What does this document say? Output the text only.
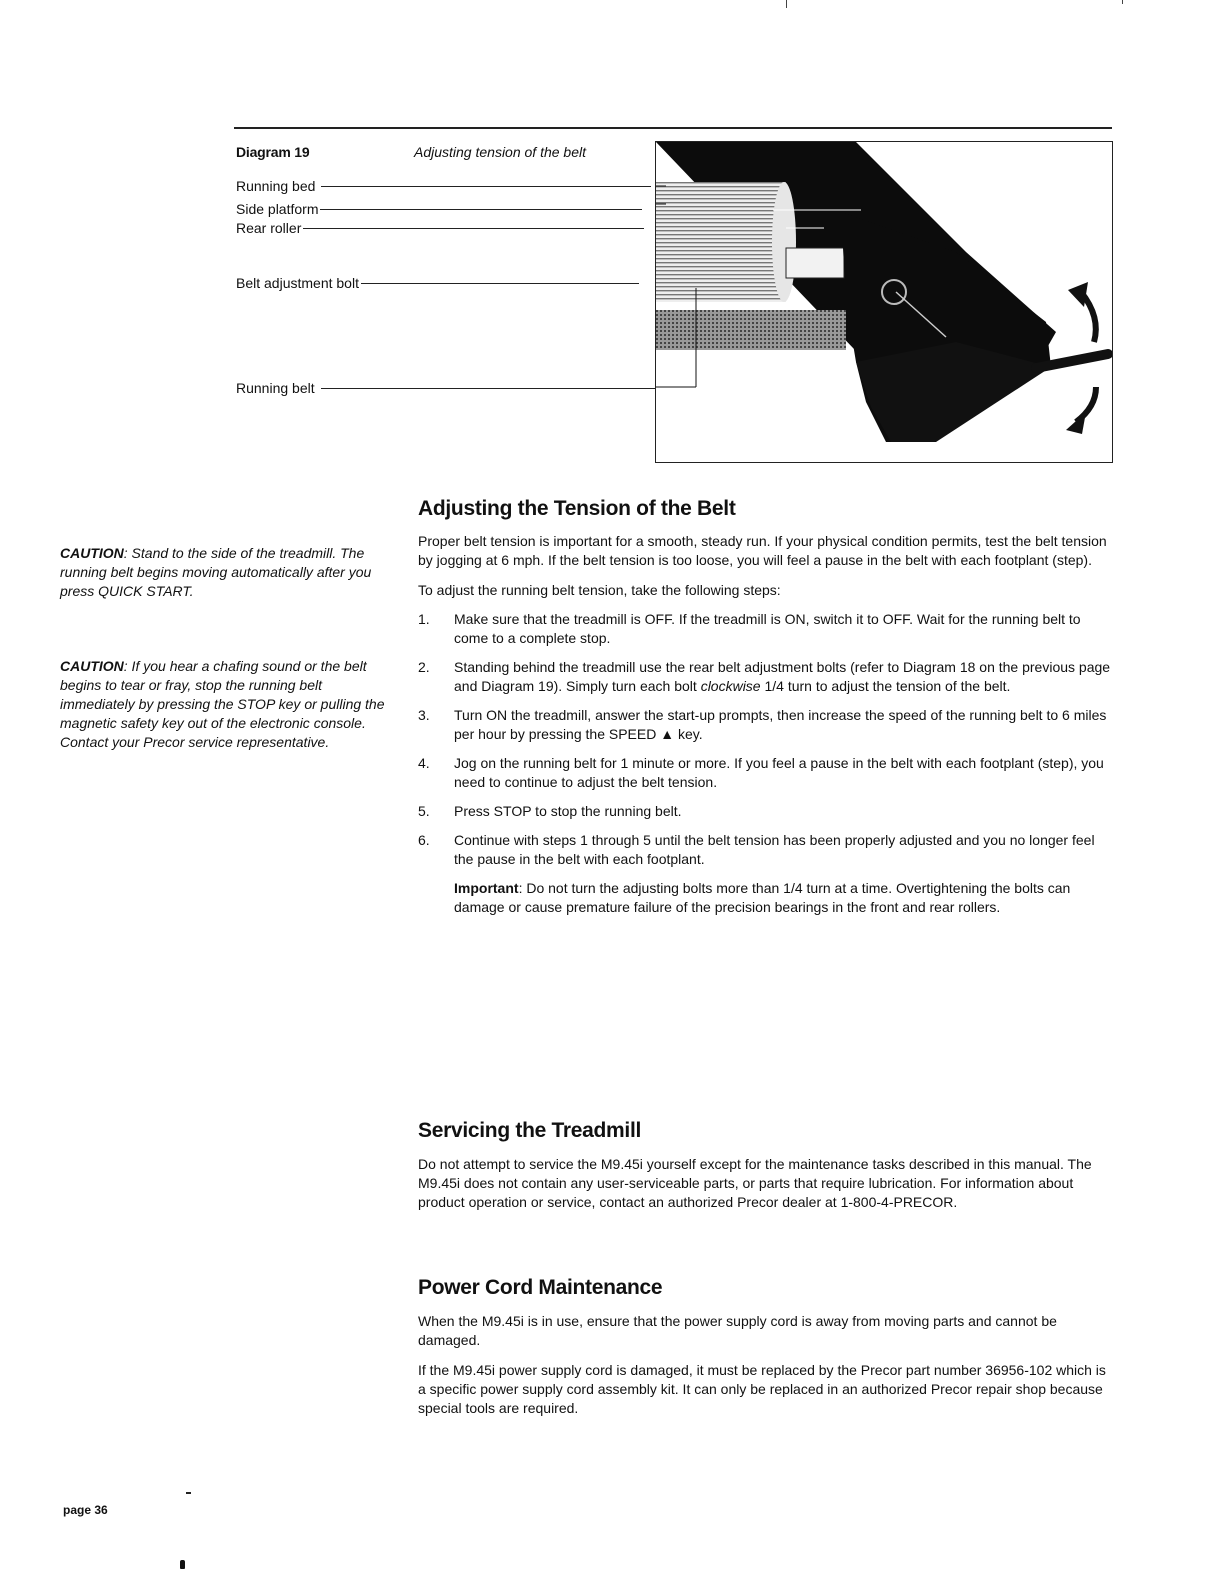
Diagram 19	Adjusting tension of the belt
Running bed
Side platform
Rear roller
Belt adjustment bolt
Running belt
CAUTION: Stand to the side of the treadmill. The running belt begins moving automatically after you press QUICK START.
CAUTION: If you hear a chafing sound or the belt begins to tear or fray, stop the running belt immediately by pressing the STOP key or pulling the magnetic safety key out of the electronic console. Contact your Precor service representative.
Adjusting the Tension of the Belt

Proper belt tension is important for a smooth, steady run. If your physical condition permits, test the belt tension by jogging at 6 mph. If the belt tension is too loose, you will feel a pause in the belt with each footplant (step).

To adjust the running belt tension, take the following steps:

1.	Make sure that the treadmill is OFF. If the treadmill is ON, switch it to OFF. Wait for the running belt to come to a complete stop.
2.	Standing behind the treadmill use the rear belt adjustment bolts (refer to Diagram 18 on the previous page and Diagram 19). Simply turn each bolt clockwise 1/4 turn to adjust the tension of the belt.
3.	Turn ON the treadmill, answer the start-up prompts, then increase the speed of the running belt to 6 miles per hour by pressing the SPEED ▲ key.
4.	Jog on the running belt for 1 minute or more. If you feel a pause in the belt with each footplant (step), you need to continue to adjust the belt tension.
5.	Press STOP to stop the running belt.
6.	Continue with steps 1 through 5 until the belt tension has been properly adjusted and you no longer feel the pause in the belt with each footplant.

Important: Do not turn the adjusting bolts more than 1/4 turn at a time. Overtightening the bolts can damage or cause premature failure of the precision bearings in the front and rear rollers.

Servicing the Treadmill

Do not attempt to service the M9.45i yourself except for the maintenance tasks described in this manual. The M9.45i does not contain any user-serviceable parts, or parts that require lubrication. For information about product operation or service, contact an authorized Precor dealer at 1-800-4-PRECOR.

Power Cord Maintenance

When the M9.45i is in use, ensure that the power supply cord is away from moving parts and cannot be damaged.

If the M9.45i power supply cord is damaged, it must be replaced by the Precor part number 36956-102 which is a specific power supply cord assembly kit. It can only be replaced in an authorized Precor repair shop because special tools are required.

page 36
